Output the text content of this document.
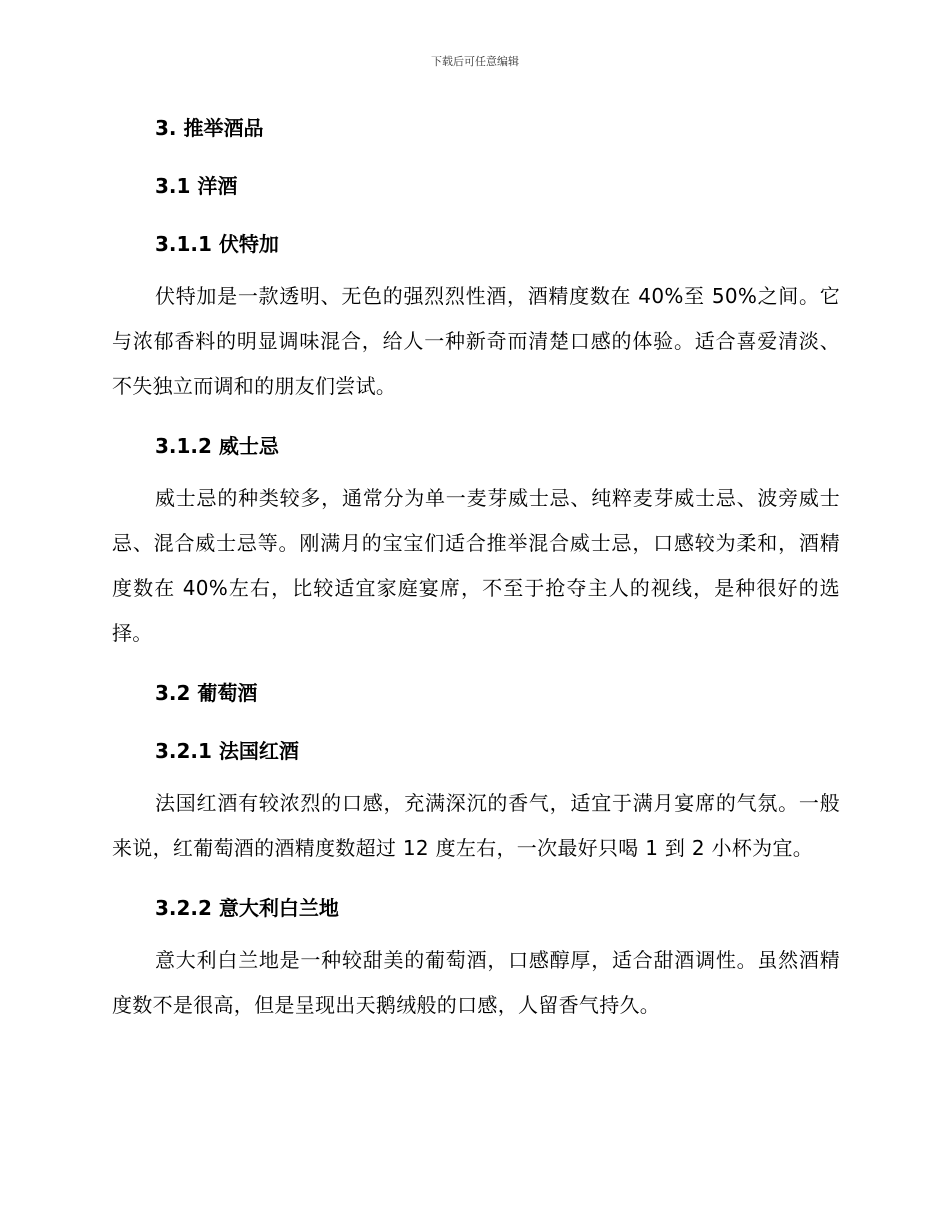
下载后可任意编辑

3. 推举酒品

3.1 洋酒

3.1.1 伏特加

伏特加是一款透明、无色的强烈烈性酒，酒精度数在 40%至 50%之间。它与浓郁香料的明显调味混合，给人一种新奇而清楚口感的体验。适合喜爱清淡、不失独立而调和的朋友们尝试。

3.1.2 威士忌

威士忌的种类较多，通常分为单一麦芽威士忌、纯粹麦芽威士忌、波旁威士忌、混合威士忌等。刚满月的宝宝们适合推举混合威士忌，口感较为柔和，酒精度数在 40%左右，比较适宜家庭宴席，不至于抢夺主人的视线，是种很好的选择。

3.2 葡萄酒

3.2.1 法国红酒

法国红酒有较浓烈的口感，充满深沉的香气，适宜于满月宴席的气氛。一般来说，红葡萄酒的酒精度数超过 12 度左右，一次最好只喝 1 到 2 小杯为宜。

3.2.2 意大利白兰地

意大利白兰地是一种较甜美的葡萄酒，口感醇厚，适合甜酒调性。虽然酒精度数不是很高，但是呈现出天鹅绒般的口感，人留香气持久。
